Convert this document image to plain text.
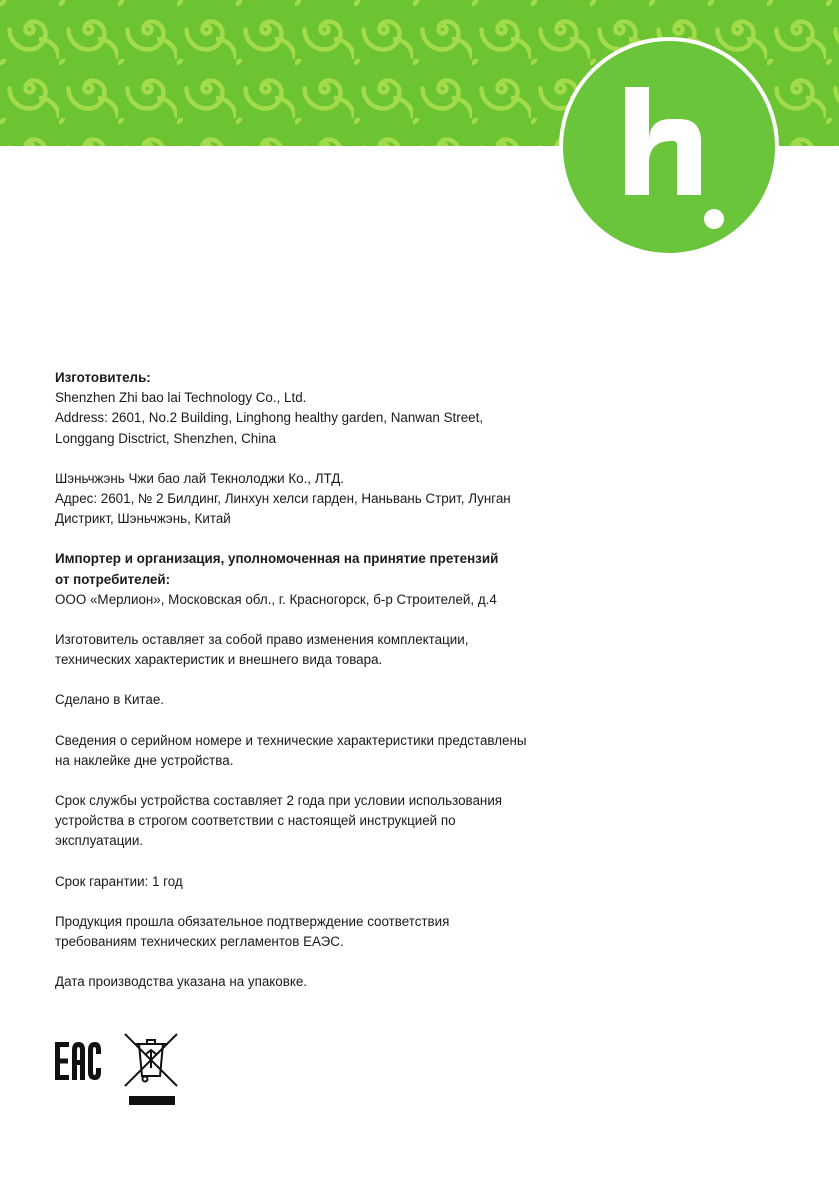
Изготовитель:
Shenzhen Zhi bao lai Technology Co., Ltd.
Address: 2601, No.2 Building, Linghong healthy garden, Nanwan Street,
Longgang Disctrict, Shenzhen, China
Шэньчжэнь Чжи бао лай Текнолоджи Ко., ЛТД.
Адрес: 2601, № 2 Билдинг, Линхун хелси гарден, Наньвань Стрит, Лунган
Дистрикт, Шэньчжэнь, Китай
Импортер и организация, уполномоченная на принятие претензий
от потребителей:
ООО «Мерлион», Московская обл., г. Красногорск, б-р Строителей, д.4
Изготовитель оставляет за собой право изменения комплектации,
технических характеристик и внешнего вида товара.
Сделано в Китае.
Сведения о серийном номере и технические характеристики представлены
на наклейке дне устройства.
Срок службы устройства составляет 2 года при условии использования
устройства в строгом соответствии с настоящей инструкцией по
эксплуатации.
Срок гарантии: 1 год
Продукция прошла обязательное подтверждение соответствия
требованиям технических регламентов ЕАЭС.
Дата производства указана на упаковке.
